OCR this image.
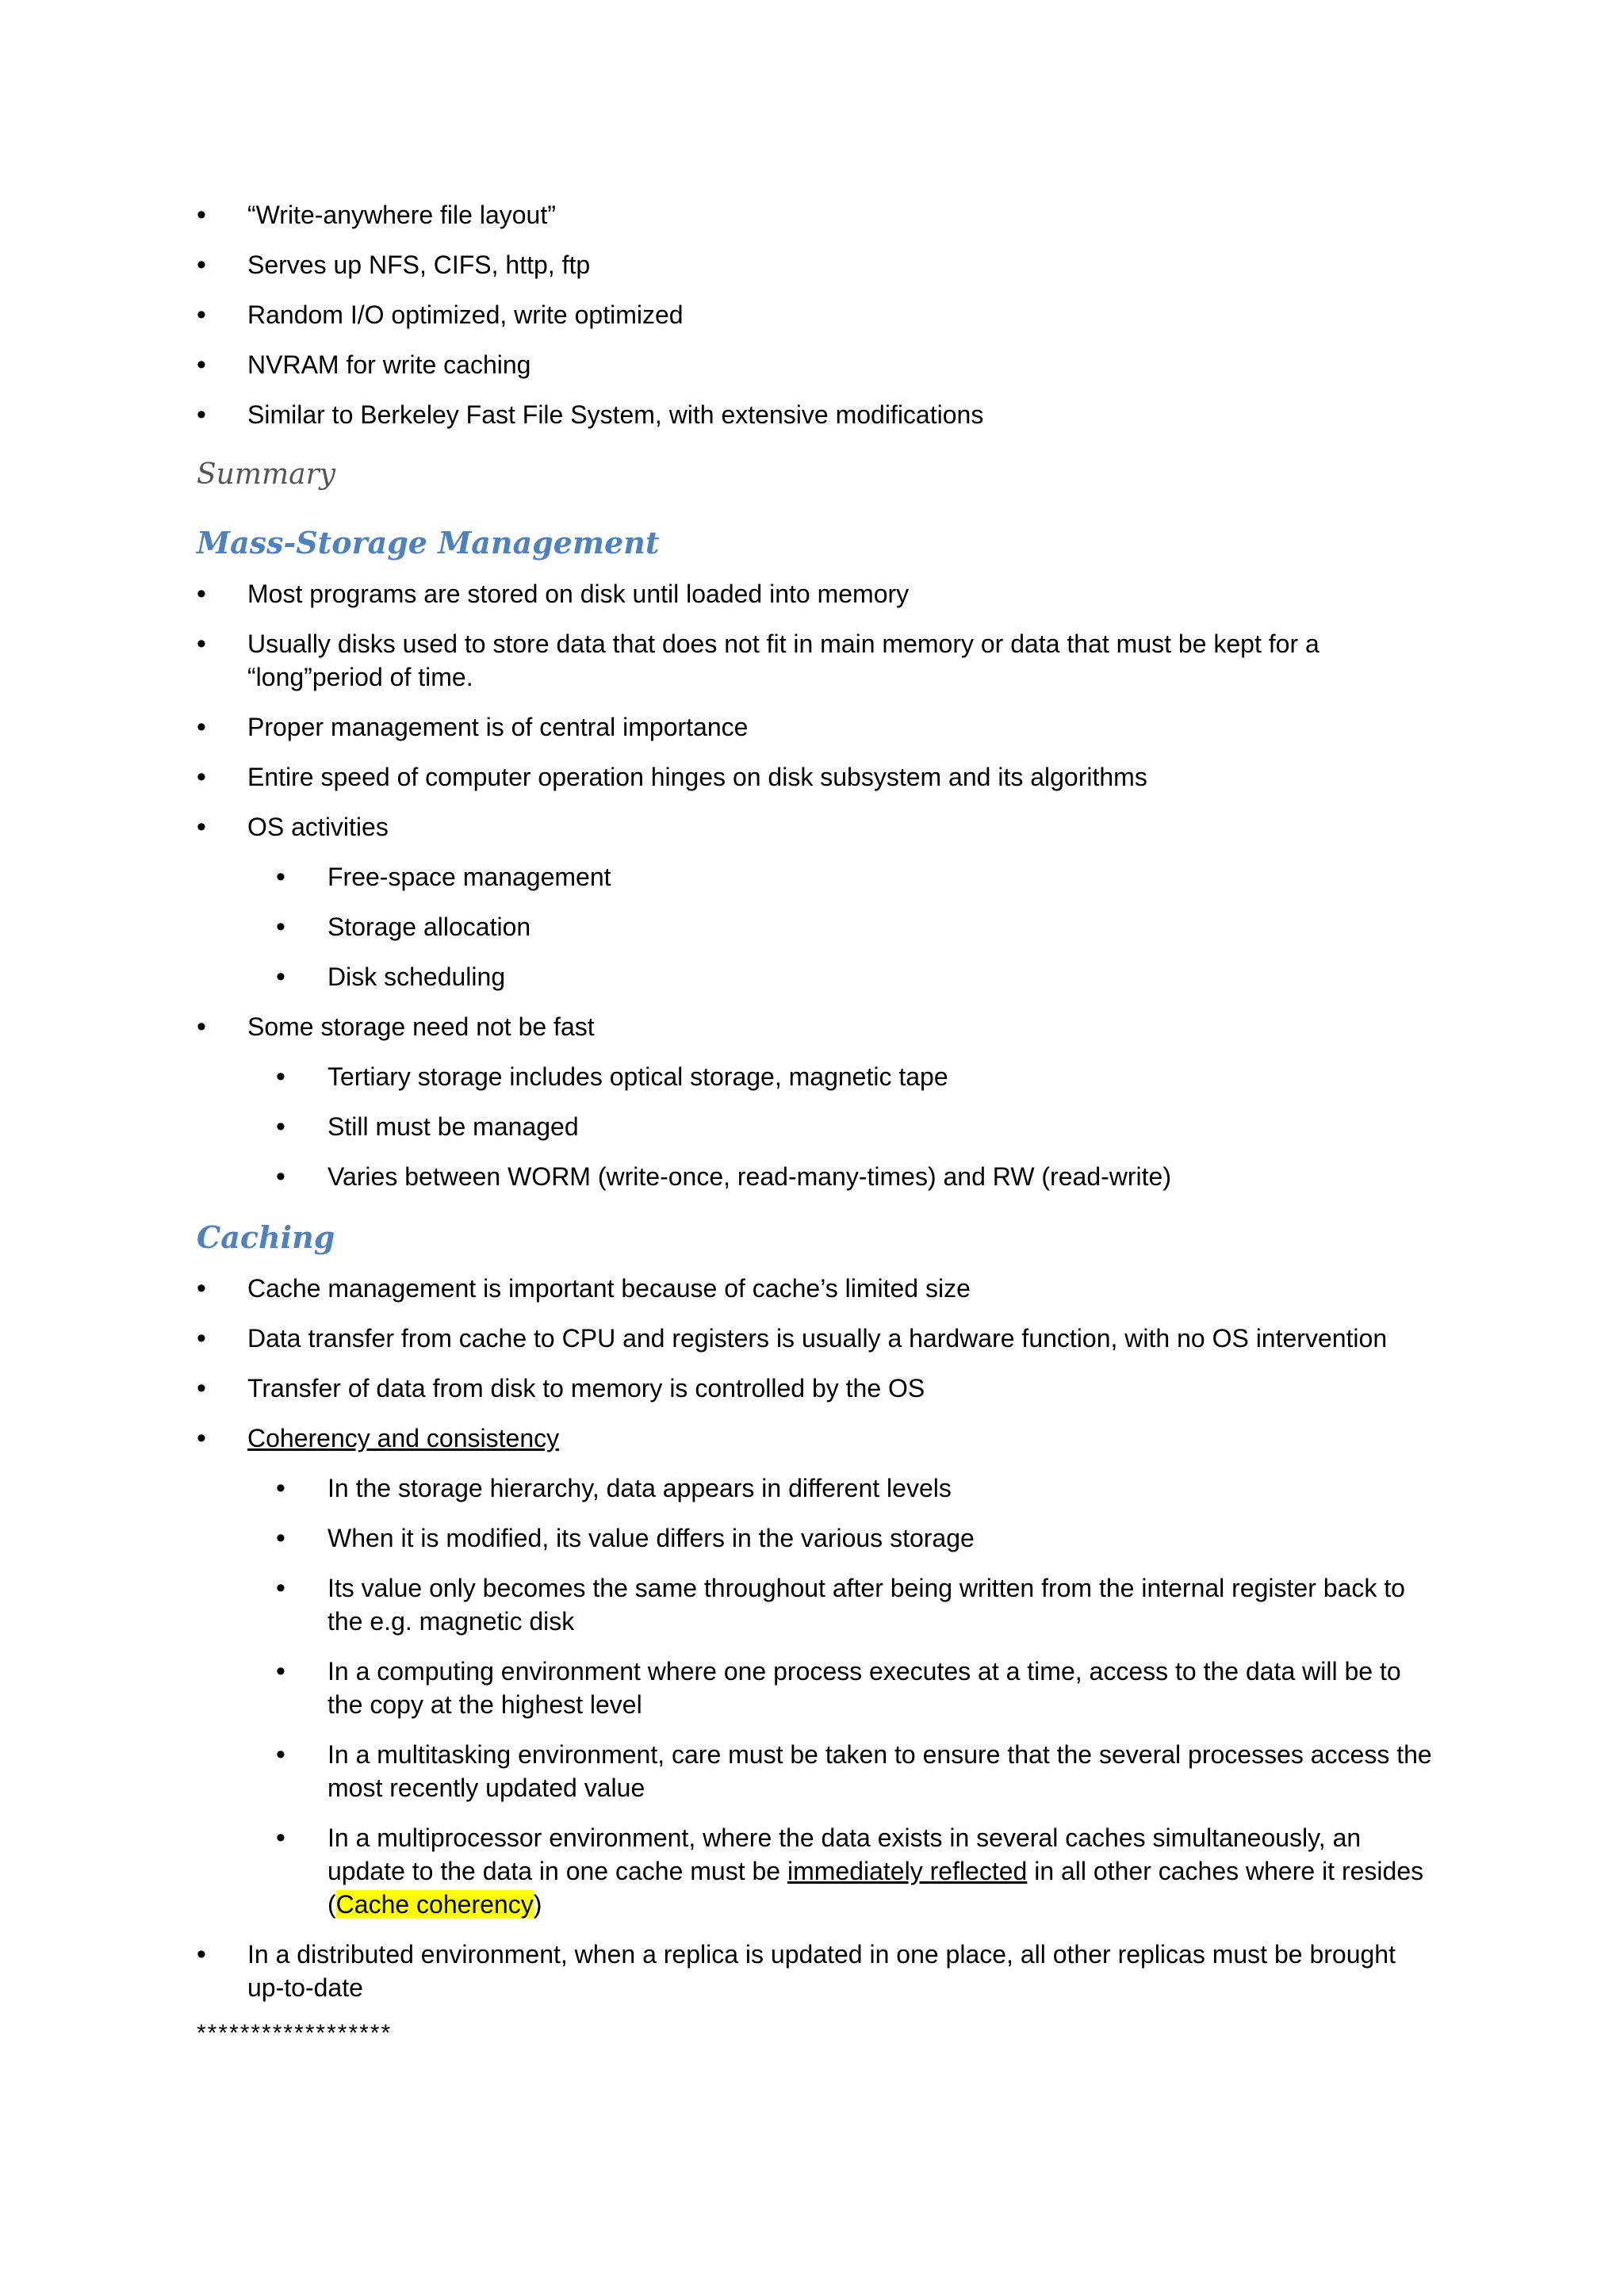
• “Write-anywhere file layout”
• Serves up NFS, CIFS, http, ftp
• Random I/O optimized, write optimized
• NVRAM for write caching
• Similar to Berkeley Fast File System, with extensive modifications
Summary
Mass-Storage Management
• Most programs are stored on disk until loaded into memory
• Usually disks used to store data that does not fit in main memory or data that must be kept for a “long”period of time.
• Proper management is of central importance
• Entire speed of computer operation hinges on disk subsystem and its algorithms
• OS activities
• Free-space management
• Storage allocation
• Disk scheduling
• Some storage need not be fast
• Tertiary storage includes optical storage, magnetic tape
• Still must be managed
• Varies between WORM (write-once, read-many-times) and RW (read-write)
Caching
• Cache management is important because of cache’s limited size
• Data transfer from cache to CPU and registers is usually a hardware function, with no OS intervention
• Transfer of data from disk to memory is controlled by the OS
• Coherency and consistency
• In the storage hierarchy, data appears in different levels
• When it is modified, its value differs in the various storage
• Its value only becomes the same throughout after being written from the internal register back to the e.g. magnetic disk
• In a computing environment where one process executes at a time, access to the data will be to the copy at the highest level
• In a multitasking environment, care must be taken to ensure that the several processes access the most recently updated value
• In a multiprocessor environment, where the data exists in several caches simultaneously, an update to the data in one cache must be immediately reflected in all other caches where it resides (Cache coherency)
• In a distributed environment, when a replica is updated in one place, all other replicas must be brought up-to-date
******************
